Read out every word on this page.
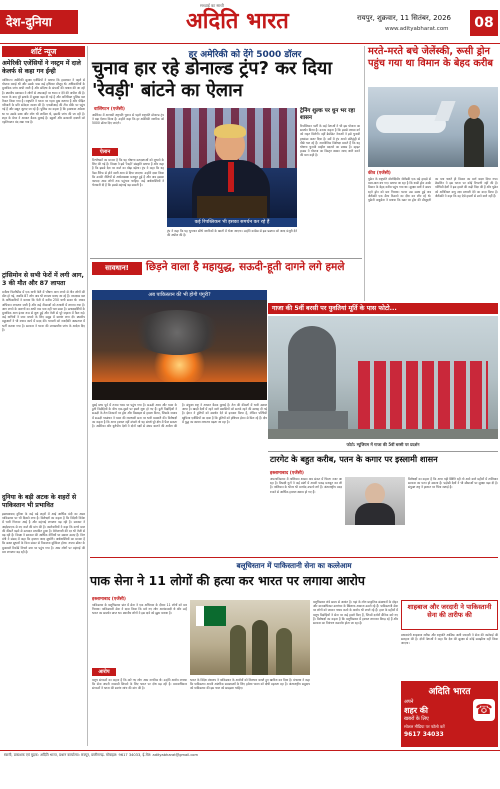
देश-दुनिया
सच्चाई का साथी
अदिति भारत	रायपुर, शुक्रवार, 11 सितंबर, 2026
www.adityabharat.com	08
शॉर्ट न्यूज
अमेरिकी एजेंसियों ने नस्ट्रम में दाले केलर्फ से कहा गन ईन्ही
वाशिंगटन अमेरिकी सुरक्षा एजेंसियों ने बताया कि हमलावर ने पहले से योजना बनाई थी और उसके पास कई हथियार मौजूद थे। अधिकारियों के मुताबिक जांच अभी जारी है और संदिग्ध के संपर्कों की तलाश की जा रही है। स्थानीय प्रशासन ने लोगों से अफवाहों पर ध्यान न देने की अपील की है। घटना के बाद पूरे इलाके में सुरक्षा बढ़ा दी गई है और अतिरिक्त पुलिस बल तैनात किया गया है। राष्ट्रपति ने घटना पर गहरा दुख जताया है और पीड़ित परिवारों के प्रति संवेदना व्यक्त की है। एफबीआई की टीम मौके पर पहुंच गई है और सबूत जुटाए जा रहे हैं। पुलिस का कहना है कि हमलावर अकेला था या उसके साथ और लोग भी शामिल थे, इसकी जांच की जा रही है। शहर के मेयर ने आपात बैठक बुलाई है। स्कूलों और सरकारी दफ्तरों को एहतियातन बंद रखा गया है।
ट्रांसिमोन से सभी फेरों में लगी आग, 3 की मौत और 87 लापता
मनीला फिलीपींस में एक यात्री फेरी में भीषण आग लगने से तीन लोगों की मौत हो गई, जबकि 87 लोग अब भी लापता बताए जा रहे हैं। तटरक्षक बल के अधिकारियों ने बताया कि फेरी में करीब 250 यात्री सवार थे। बचाव अभियान लगातार जारी है और कई नौकाओं को तलाशी में लगाया गया है। आग लगने के कारणों का अभी तक पता नहीं चल सका है। प्रत्यक्षदर्शियों के मुताबिक आग इंजन रूम से शुरू हुई और तेजी से पूरे जहाज में फैल गई। कई यात्रियों ने जान बचाने के लिए समुद्र में छलांग लगा दी। स्थानीय मछुआरों ने भी बचाव कार्य में मदद की। घायलों को नजदीकी अस्पताल में भर्ती कराया गया है। सरकार ने घटना की उच्चस्तरीय जांच के आदेश दिए हैं।
दुनिया के बड़ी अटक के शहरों से पाकिस्तान भी प्रभावित
इस्लामाबाद दुनिया के कई बड़े शहरों में आई आर्थिक मंदी का असर पाकिस्तान पर भी दिखने लगा है। विशेषज्ञों का कहना है कि विदेशी निवेश में भारी गिरावट आई है और महंगाई लगातार बढ़ रही है। सरकार ने आईएमएफ से नए कर्ज की मांग की है। कारोबारियों ने कहा कि कच्चे माल की कीमतें बढ़ने से उत्पादन प्रभावित हुआ है। बेरोजगारी की दर भी तेजी से बढ़ रही है। विपक्ष ने सरकार की आर्थिक नीतियों पर सवाल उठाए हैं। वित्त मंत्री ने संसद में कहा कि हालात जल्द सुधरेंगे। अर्थशास्त्रियों का मानना है कि सख्त सुधारों के बिना संकट से निकलना मुश्किल होगा। रुपया डॉलर के मुकाबले रिकॉर्ड निचले स्तर पर पहुंच गया है। आम लोगों पर महंगाई की मार लगातार बढ़ रही है।
हर अमेरिकी को देंगे 5000 डॉलर
चुनाव हार रहे डोनाल्ड ट्रंप? कर दिया 'रेवड़ी' बांटने का ऐलान
वाशिंगटन (एजेंसी)
अमेरिका में आगामी राष्ट्रपति चुनाव से पहले राष्ट्रपति डोनाल्ड ट्रंप ने बड़ा ऐलान किया है। उन्होंने कहा कि हर अमेरिकी नागरिक को 5000 डॉलर दिए जाएंगे।
ऐलान
विश्लेषकों का मानना है कि यह घोषणा मतदाताओं को लुभाने के लिए की गई है। विपक्ष ने इसे 'रेवड़ी' संस्कृति बताया है और कहा है कि इससे देश पर कर्ज का बोझ बढ़ेगा। ट्रंप ने कहा कि यह पैसा टैरिफ से होने वाली आय से दिया जाएगा। उन्होंने दावा किया कि उनकी नीतियों से अर्थव्यवस्था मजबूत हुई है और अब इसका फायदा आम लोगों तक पहुंचना चाहिए। कई अर्थशास्त्रियों ने चेतावनी दी है कि इससे महंगाई बढ़ सकती है।
कई रिपब्लिकन भी इसका समर्थन कर रहे हैं
ट्रंप ने कहा कि यह भुगतान सीधे नागरिकों के खातों में भेजा जाएगा। उन्होंने कांग्रेस से इस प्रस्ताव को जल्द मंजूरी देने की अपील की है।
ट्रेनिंग शुल्क पर धुन भर रहा शासन
रिपब्लिकन पार्टी के कई नेताओं ने भी इस योजना का समर्थन किया है। उनका कहना है कि इससे मध्यम वर्ग को राहत मिलेगी। वहीं डेमोक्रेट नेताओं ने इसे चुनावी हथकंडा करार दिया है। सर्वे में ट्रंप अपने प्रतिद्वंद्वी से पीछे चल रहे हैं। राजनीतिक विशेषज्ञ मानते हैं कि यह घोषणा चुनावी माहौल बदलने का प्रयास है। व्हाइट हाउस ने योजना का विस्तृत खाका जल्द जारी करने की बात कही है।
मरते-मरते बचे जेलेंस्की, रूसी ड्रोन पहुंच गया था विमान के बेहद करीब
कीव (एजेंसी)
यूक्रेन के राष्ट्रपति वोलोदिमीर जेलेंस्की एक बड़े हादसे से बाल-बाल बच गए। बताया जा रहा है कि रूसी ड्रोन उनके विमान के बेहद करीब पहुंच गया था। सुरक्षा बलों ने समय रहते ड्रोन को मार गिराया। घटना उस समय हुई जब जेलेंस्की एक सैन्य ठिकाने का दौरा कर लौट रहे थे। यूक्रेनी वायुसेना ने बताया कि रडार पर ड्रोन की मौजूदगी का पता चलते ही विमान का मार्ग बदल दिया गया। क्रेमलिन ने इस घटना पर कोई टिप्पणी नहीं की है। पश्चिमी देशों ने इस हमले की कड़ी निंदा की है और यूक्रेन को अतिरिक्त वायु रक्षा प्रणाली देने का वादा किया है। जेलेंस्की ने कहा कि वह ऐसे हमलों से डरने वाले नहीं हैं।
सावधान!	छिड़ने वाला है महायुद्ध, सऊदी-हूती दागने लगे हमले
अब पाकिस्तान की भी होगी पंगुरी?
दुबई मध्य पूर्व में तनाव चरम पर पहुंच गया है। सऊदी अरब और यमन के हूती विद्रोहियों के बीच एक-दूसरे पर हमले शुरू हो गए हैं। हूती विद्रोहियों ने सऊदी के तेल ठिकानों पर ड्रोन और मिसाइल से हमला किया, जिसके जवाब में सऊदी गठबंधन ने यमन की राजधानी सना पर भारी बमबारी की। विशेषज्ञों का कहना है कि अगर हालात नहीं संभले तो यह संघर्ष पूरे क्षेत्र में फैल सकता है। अमेरिका और यूरोपीय देशों ने दोनों पक्षों से संयम बरतने की अपील की है। संयुक्त राष्ट्र ने आपात बैठक बुलाई है। तेल की कीमतों में भारी उछाल आया है। खाड़ी देशों में रहने वाले प्रवासियों को सतर्क रहने की सलाह दी गई है। ईरान ने हूतियों को समर्थन देने से इनकार किया है, लेकिन पश्चिमी खुफिया एजेंसियों का दावा है कि हूतियों को हथियार ईरान से मिल रहे हैं। क्षेत्र में युद्ध का खतरा लगातार बढ़ता जा रहा है।
गाजा की 5वीं बरसी पर युवतियां मूर्ति के पास फोटो...
फोटो: म्यूजियम में गाजा की 5वीं बरसी पर प्रदर्शन
टारगेट के बहुत करीब, पतन के कगार पर इस्लामी शासन
इस्लामाबाद (एजेंसी)
अफगानिस्तान में तालिबान शासन अब संकट में घिरता नजर आ रहा है। विपक्षी गुटों ने कई प्रांतों में अपनी पकड़ मजबूत कर ली है। तालिबान के भीतर भी मतभेद उभरने लगे हैं। अंतरराष्ट्रीय मदद रुकने से आर्थिक हालात खराब हो गए हैं।
विशेषज्ञों का कहना है कि अगर यही स्थिति रही तो आने वाले महीनों में तालिबान सरकार का पतन हो सकता है। पड़ोसी देशों ने भी सीमाओं पर सुरक्षा बढ़ा दी है। संयुक्त राष्ट्र ने हालात पर चिंता जताई है।
बलूचिस्तान में पाकिस्तानी सेना का कत्लेआम
पाक सेना ने 11 लोगों की हत्या कर भारत पर लगाया आरोप
इस्लामाबाद (एजेंसी)
पाकिस्तान के बलूचिस्तान प्रांत में सेना ने एक अभियान के दौरान 11 लोगों को मार गिराया। पाकिस्तानी सेना ने दावा किया कि मारे गए लोग आतंकवादी थे और उन्हें भारत का समर्थन प्राप्त था। स्थानीय लोगों ने इस दावे को झूठा बताया है।
आरोप
बलूच संगठनों का कहना है कि मारे गए लोग आम नागरिक थे। उन्होंने आरोप लगाया कि सेना अपनी नाकामी छिपाने के लिए भारत पर दोष मढ़ रही है। मानवाधिकार संगठनों ने घटना की स्वतंत्र जांच की मांग की है।
भारत के विदेश मंत्रालय ने पाकिस्तान के आरोपों को निराधार बताते हुए खारिज कर दिया है। मंत्रालय ने कहा कि पाकिस्तान अपनी आंतरिक समस्याओं के लिए हमेशा भारत को दोषी ठहराता रहा है। अंतरराष्ट्रीय समुदाय को पाकिस्तान की इस चाल को समझना चाहिए।
बलूचिस्तान लंबे समय से अशांत है। यहां के लोग प्राकृतिक संसाधनों के दोहन और मानवाधिकार उल्लंघन के खिलाफ आवाज उठाते रहे हैं। पाकिस्तानी सेना पर लोगों को जबरन गायब करने के आरोप भी लगते रहे हैं। हाल के महीनों में बलूच विद्रोहियों ने सेना पर कई हमले किए हैं, जिनमें दर्जनों सैनिक मारे गए हैं। विशेषज्ञों का कहना है कि बलूचिस्तान में हालात लगातार बिगड़ रहे हैं और सरकार का नियंत्रण कमजोर होता जा रहा है।
शाहबाज और जरदारी ने पाकिस्तानी सेना की तारीफ की
प्रधानमंत्री शाहबाज शरीफ और राष्ट्रपति आसिफ अली जरदारी ने सेना की कार्रवाई की सराहना की है। दोनों नेताओं ने कहा कि देश की सुरक्षा से कोई समझौता नहीं किया जाएगा।
अदिति भारत
अपने
शहर की
खबरों के लिए
☎
सोशल मीडिया पर फॉलो करें
9617 34033
स्वामी, प्रकाशक एवं मुद्रक: अदिति भारत, प्रधान कार्यालय: रायपुर, छत्तीसगढ़. मोबाइल: 9617 34033, ई-मेल: adityabharat@gmail.com
